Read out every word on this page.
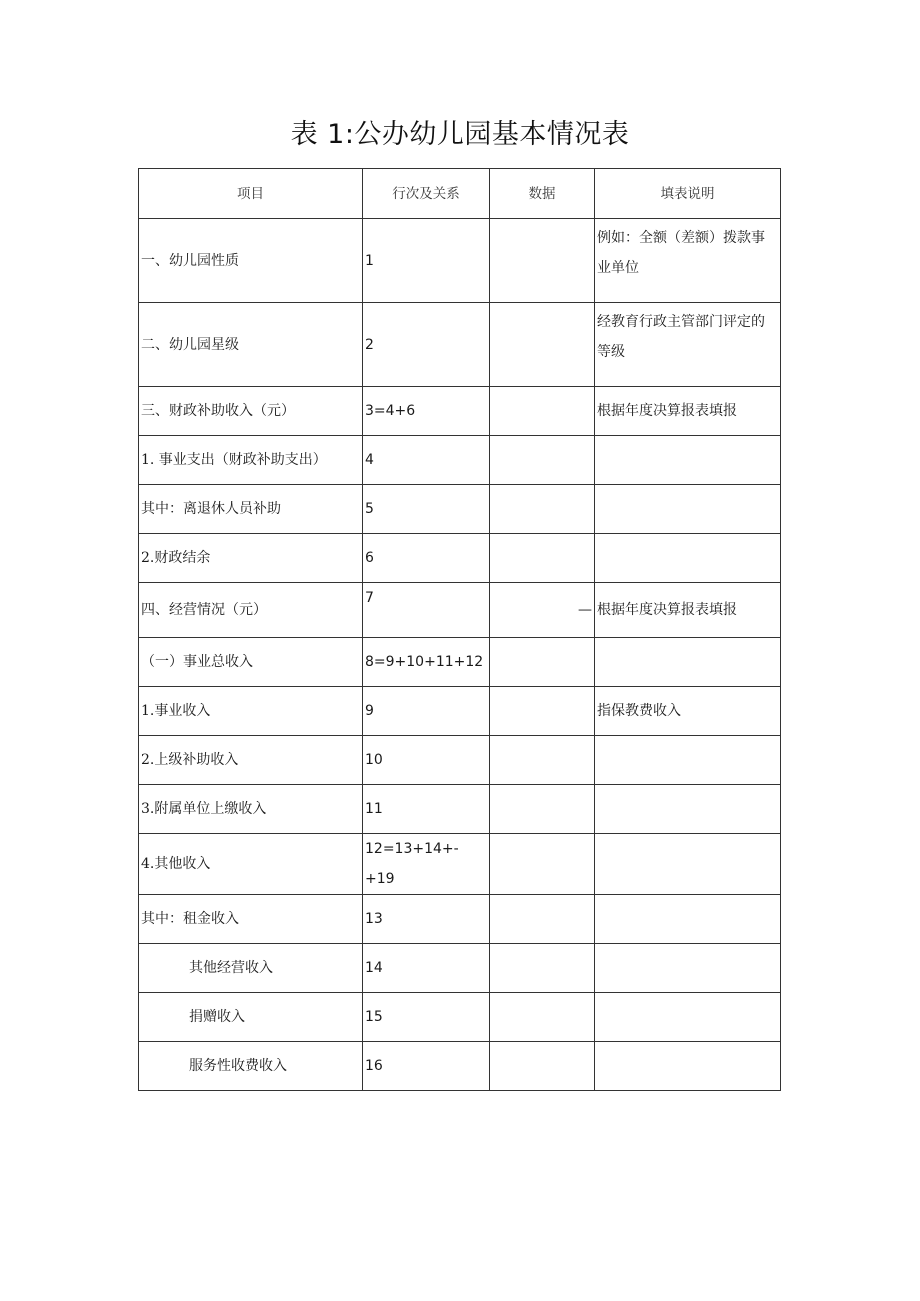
表 1:公办幼儿园基本情况表
项目	行次及关系	数据	填表说明
一、幼儿园性质	1		例如：全额（差额）拨款事业单位
二、幼儿园星级	2		经教育行政主管部门评定的等级
三、财政补助收入（元）	3=4+6		根据年度决算报表填报
1. 事业支出（财政补助支出）	4		
其中：离退休人员补助	5		
2.财政结余	6		
四、经营情况（元）	7	—	根据年度决算报表填报
（一）事业总收入	8=9+10+11+12		
1.事业收入	9		指保教费收入
2.上级补助收入	10		
3.附属单位上缴收入	11		
4.其他收入	12=13+14+-+19		
其中：租金收入	13		
其他经营收入	14		
捐赠收入	15		
服务性收费收入	16		
